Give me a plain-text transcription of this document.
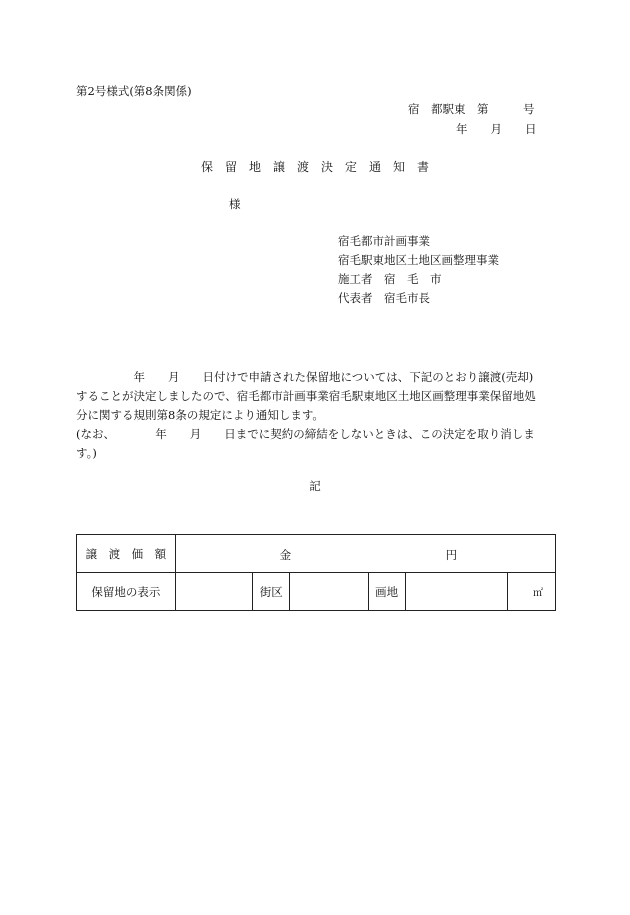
第2号様式(第8条関係)
宿　都駅東　第　　　号
年　　月　　日
保　留　地　譲　渡　決　定　通　知　書
様
宿毛都市計画事業
宿毛駅東地区土地区画整理事業
施工者　宿　毛　市
代表者　宿毛市長

　　　　　年　　月　　日付けで申請された保留地については、下記のとおり譲渡(売却)

することが決定しましたので、宿毛都市計画事業宿毛駅東地区土地区画整理事業保留地処

分に関する規則第8条の規定により通知します。

(なお、　　　　年　　月　　日までに契約の締結をしないときは、この決定を取り消しま

す。)

記
譲　渡　価　額	金 円					

保留地の表示		街区		画地		㎡
